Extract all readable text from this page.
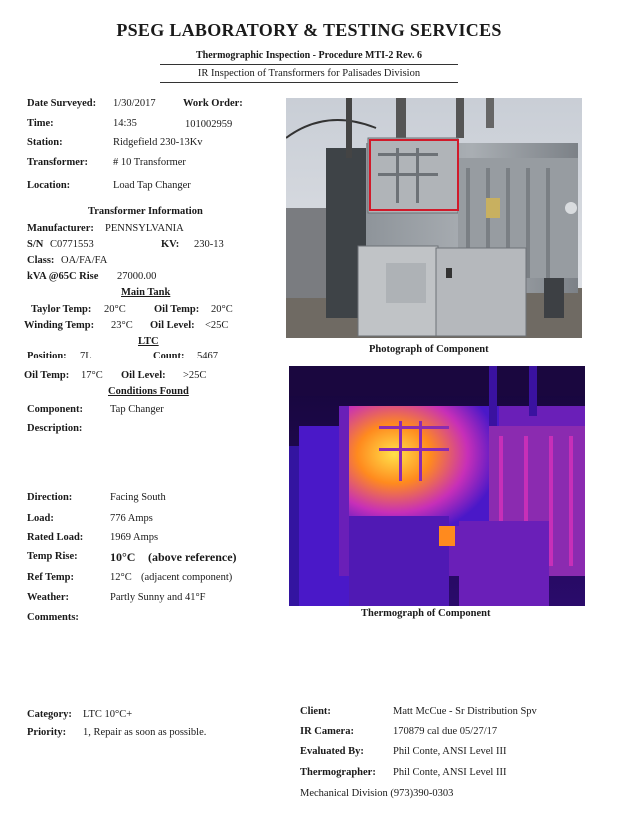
PSEG LABORATORY & TESTING SERVICES
Thermographic Inspection - Procedure MTI-2 Rev. 6
IR Inspection of Transformers for Palisades Division
Date Surveyed: 1/30/2017	Work Order:
Time:	14:35	101002959
Station:	Ridgefield 230-13Kv
Transformer: # 10 Transformer
Location:	Load Tap Changer
Transformer Information
Manufacturer: PENNSYLVANIA
S/N C0771553	KV: 230-13
Class: OA/FA/FA
kVA @65C Rise 27000.00
Main Tank
Taylor Temp: 20°C	Oil Temp: 20°C
Winding Temp: 23°C Oil Level: <25C
LTC
Position: 7L	Count: 5467
Oil Temp: 17°C Oil Level: >25C
Conditions Found
Component:	Tap Changer
Description:
Direction:	Facing South
Load:	776 Amps
Rated Load:	1969 Amps
Temp Rise:	10°C (above reference)
Ref Temp:	12°C (adjacent component)
Weather:	Partly Sunny and 41°F
Comments:
Photograph of Component
Thermograph of Component
Category: LTC 10°C+
Priority: 1, Repair as soon as possible.
Client:	Matt McCue - Sr Distribution Spv
IR Camera:	170879 cal due 05/27/17
Evaluated By:	Phil Conte, ANSI Level III
Thermographer: Phil Conte, ANSI Level III
Mechanical Division (973)390-0303
